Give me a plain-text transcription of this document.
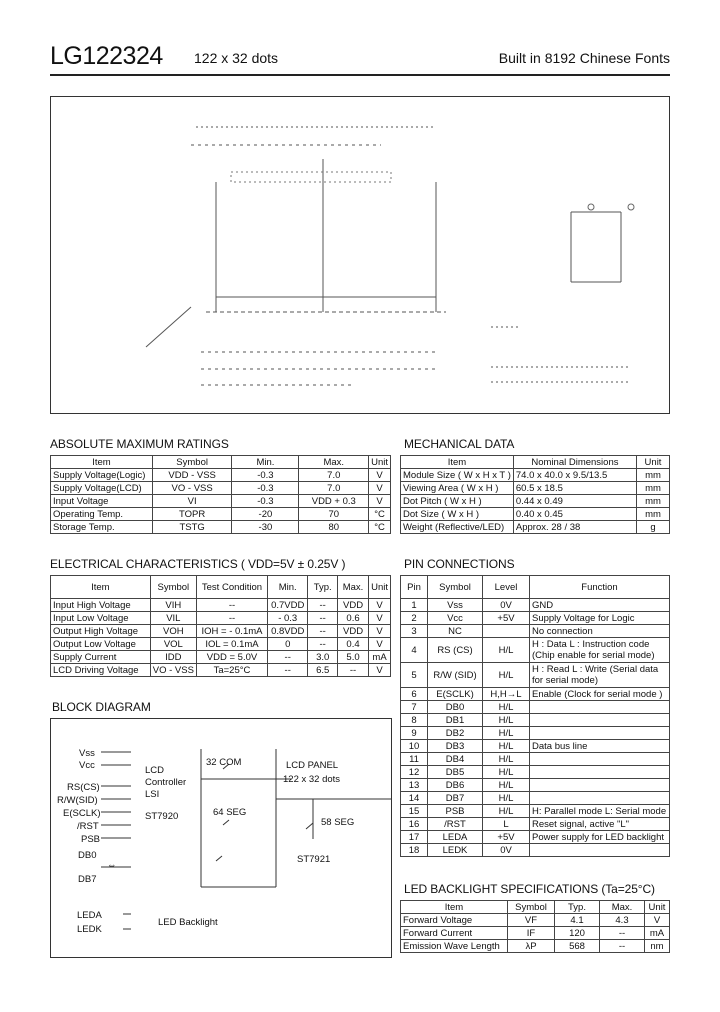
LG122324 122 x 32 dots	Built in 8192 Chinese Fonts
ABSOLUTE MAXIMUM RATINGS
Item	Symbol	Min.	Max.	Unit
Supply Voltage(Logic)	VDD - VSS	-0.3	7.0	V
Supply Voltage(LCD)	VO - VSS	-0.3	7.0	V
Input Voltage	VI	-0.3	VDD + 0.3	V
Operating Temp.	TOPR	-20	70	°C
Storage Temp.	TSTG	-30	80	°C
MECHANICAL DATA
Item	Nominal Dimensions	Unit
Module Size ( W x H x T )	74.0 x 40.0 x 9.5/13.5	mm
Viewing Area ( W x H )	60.5 x 18.5	mm
Dot Pitch ( W x H )	0.44 x 0.49	mm
Dot Size ( W x H )	0.40 x 0.45	mm
Weight (Reflective/LED)	Approx. 28 / 38	g
ELECTRICAL CHARACTERISTICS ( VDD=5V ± 0.25V )
Item	Symbol	Test Condition	Min.	Typ.	Max.	Unit
Input High Voltage	VIH	--	0.7VDD	--	VDD	V
Input Low Voltage	VIL	--	- 0.3	--	0.6	V
Output High Voltage	VOH	IOH = - 0.1mA	0.8VDD	--	VDD	V
Output Low Voltage	VOL	IOL = 0.1mA	0	--	0.4	V
Supply Current	IDD	VDD = 5.0V	--	3.0	5.0	mA
LCD Driving Voltage	VO - VSS	Ta=25°C	--	6.5	--	V
PIN CONNECTIONS
Pin	Symbol	Level	Function
1	Vss	0V	GND
2	Vcc	+5V	Supply Voltage for Logic
3	NC		No connection
4	RS (CS)	H/L	H : Data L : Instruction code (Chip enable for serial mode)
5	R/W (SID)	H/L	H : Read L : Write (Serial data for serial mode)
6	E(SCLK)	H,H→L	Enable (Clock for serial mode )
7	DB0	H/L	
8	DB1	H/L	
9	DB2	H/L	
10	DB3	H/L	Data bus line
11	DB4	H/L	
12	DB5	H/L	
13	DB6	H/L	
14	DB7	H/L	
15	PSB	H/L	H: Parallel mode L: Serial mode
16	/RST	L	Reset signal, active "L"
17	LEDA	+5V	Power supply for LED backlight
18	LEDK	0V	
BLOCK DIAGRAM
Vss
Vcc
RS(CS)
R/W(SID)
E(SCLK)
/RST
PSB
DB0
DB7
⇔
LCD
Controller
LSI
ST7920
32 COM
64 SEG
LCD PANEL
122 x 32 dots
58 SEG
ST7921
LEDA
LEDK
LED Backlight
LED BACKLIGHT SPECIFICATIONS (Ta=25°C)
Item	Symbol	Typ.	Max.	Unit
Forward Voltage	VF	4.1	4.3	V
Forward Current	IF	120	--	mA
Emission Wave Length	λP	568	--	nm
